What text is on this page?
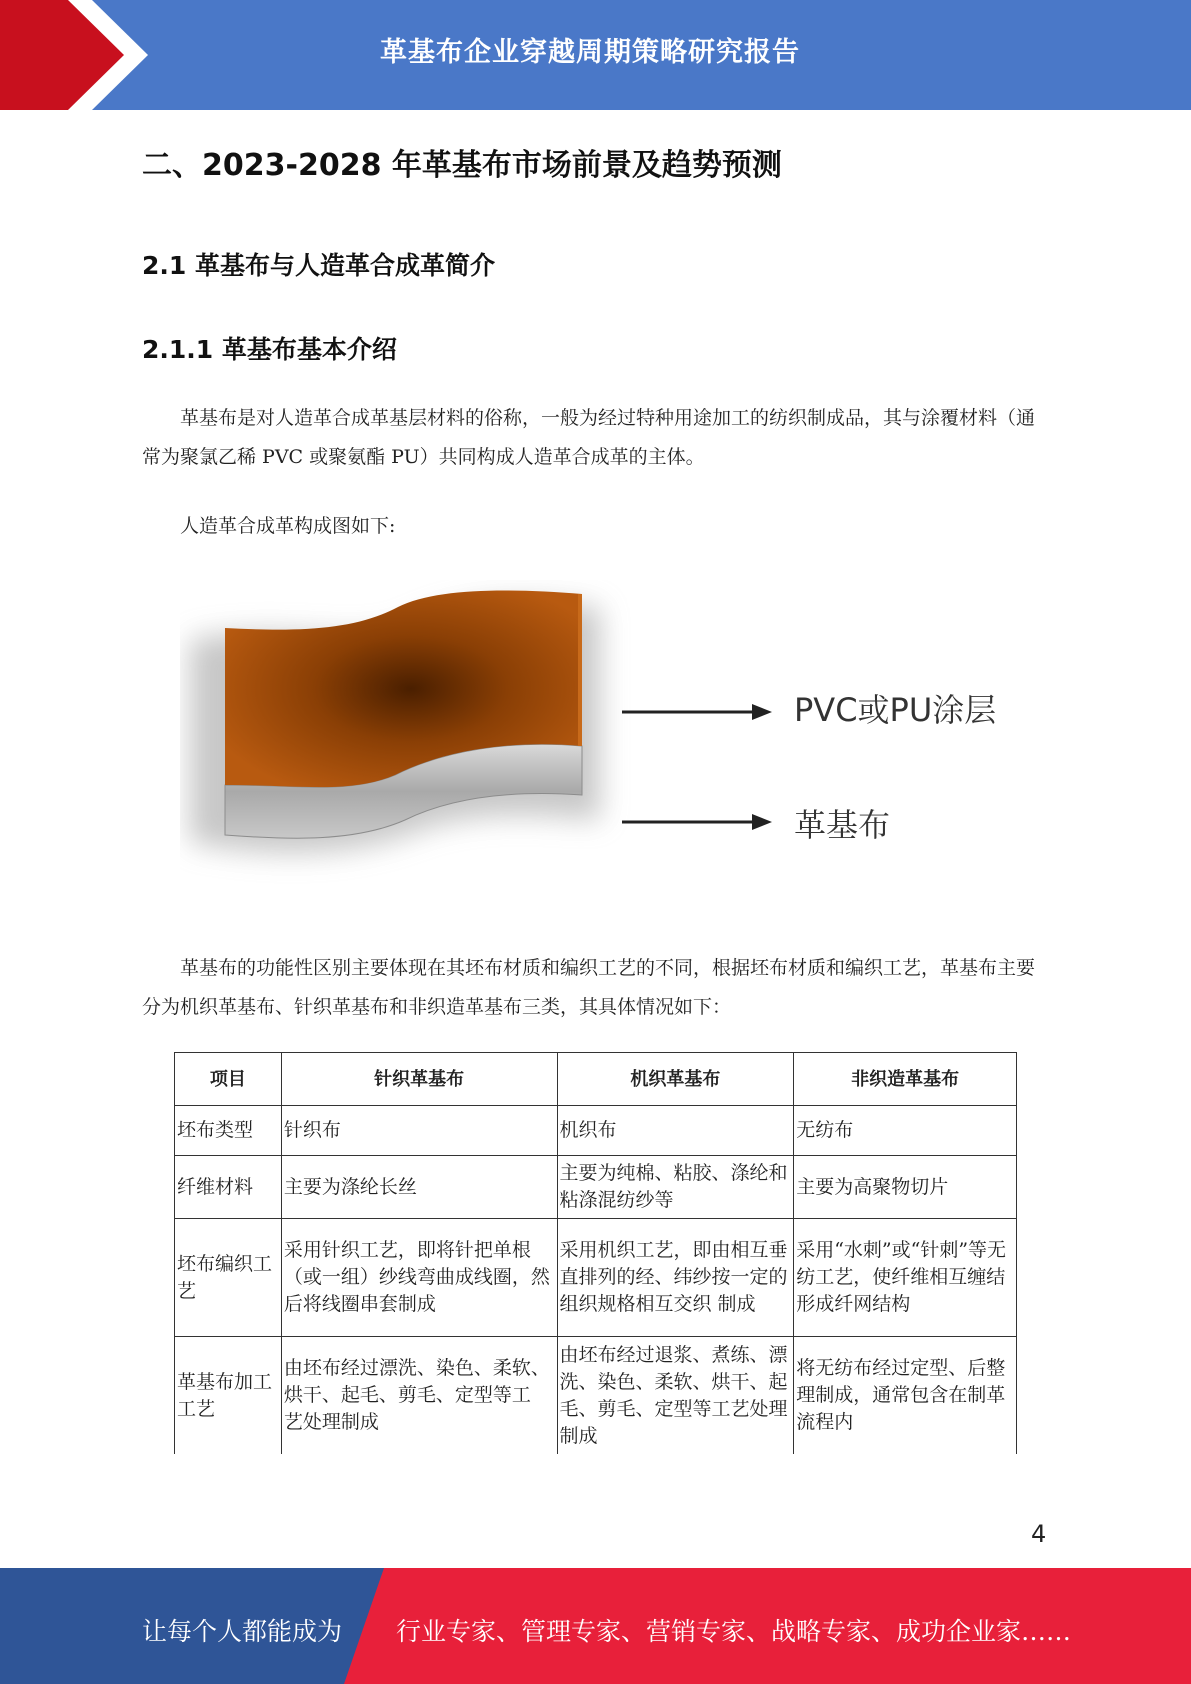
革基布企业穿越周期策略研究报告
二、2023-2028 年革基布市场前景及趋势预测
2.1 革基布与人造革合成革简介
2.1.1 革基布基本介绍

革基布是对人造革合成革基层材料的俗称，一般为经过特种用途加工的纺织制成品，其与涂覆材料（通常为聚氯乙稀 PVC 或聚氨酯 PU）共同构成人造革合成革的主体。

人造革合成革构成图如下:

PVC或PU涂层
革基布

革基布的功能性区别主要体现在其坯布材质和编织工艺的不同，根据坯布材质和编织工艺，革基布主要分为机织革基布、针织革基布和非织造革基布三类，其具体情况如下：

项目	针织革基布	机织革基布	非织造革基布
坯布类型	针织布	机织布	无纺布
纤维材料	主要为涤纶长丝	主要为纯棉、粘胶、涤纶和粘涤混纺纱等	主要为高聚物切片
坯布编织工艺	采用针织工艺，即将针把单根（或一组）纱线弯曲成线圈，然后将线圈串套制成	采用机织工艺，即由相互垂直排列的经、纬纱按一定的组织规格相互交织 制成	采用“水刺”或“针刺”等无纺工艺，使纤维相互缠结形成纤网结构
革基布加工工艺	由坯布经过漂洗、染色、柔软、 烘干、起毛、剪毛、定型等工 艺处理制成	由坯布经过退浆、煮练、漂洗、染色、柔软、烘干、起毛、剪毛、定型等工艺处理制成	将无纺布经过定型、后整理制成，通常包含在制革流程内
4
让每个人都能成为 行业专家、管理专家、营销专家、战略专家、成功企业家……
